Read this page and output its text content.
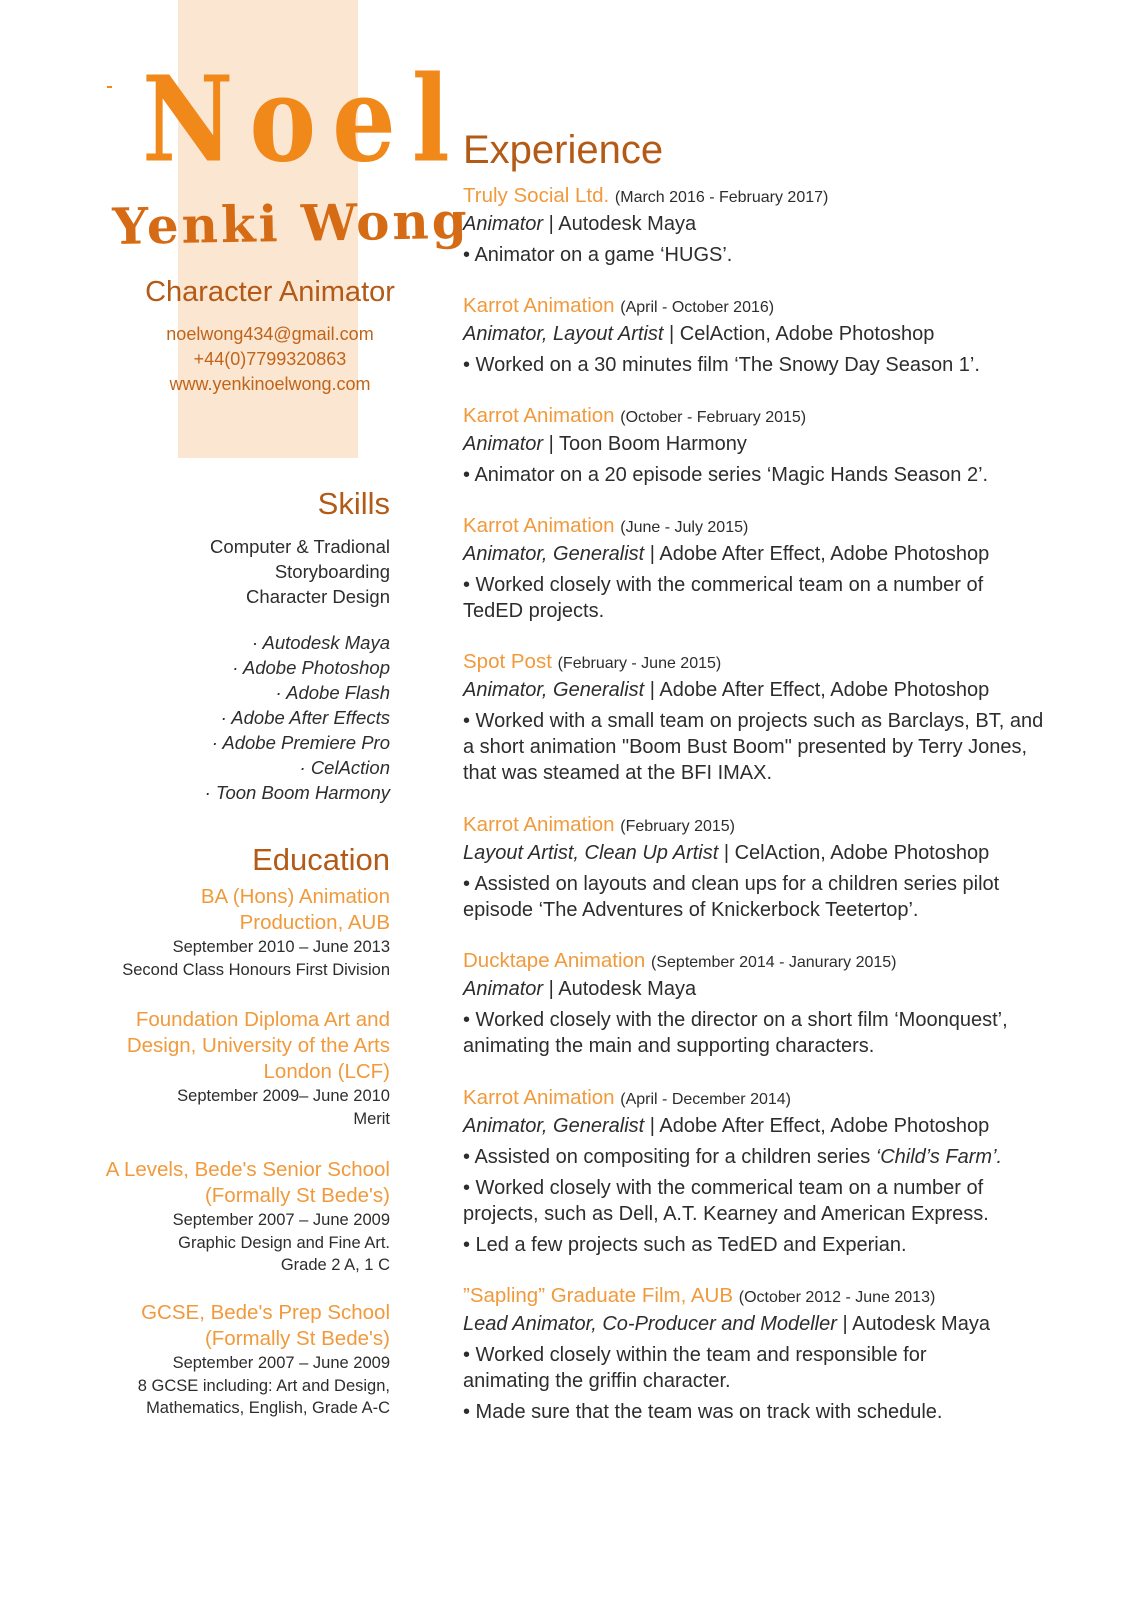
Noel
Yenki Wong
Character Animator
noelwong434@gmail.com
+44(0)7799320863
www.yenkinoelwong.com
Skills
Computer & Tradional
Storyboarding
Character Design
· Autodesk Maya
· Adobe Photoshop
· Adobe Flash
· Adobe After Effects
· Adobe Premiere Pro
· CelAction
· Toon Boom Harmony
Education
BA (Hons) Animation
Production, AUB
September 2010 – June 2013
Second Class Honours First Division
Foundation Diploma Art and
Design, University of the Arts
London (LCF)
September 2009– June 2010
Merit
A Levels, Bede's Senior School
(Formally St Bede's)
September 2007 – June 2009
Graphic Design and Fine Art.
Grade 2 A, 1 C
GCSE, Bede's Prep School
(Formally St Bede's)
September 2007 – June 2009
8 GCSE including: Art and Design,
Mathematics, English, Grade A-C
Experience
Truly Social Ltd. (March 2016 - February 2017)
Animator | Autodesk Maya
• Animator on a game ‘HUGS’.
Karrot Animation (April - October 2016)
Animator, Layout Artist | CelAction, Adobe Photoshop
• Worked on a 30 minutes film ‘The Snowy Day Season 1’.
Karrot Animation (October - February 2015)
Animator | Toon Boom Harmony
• Animator on a 20 episode series ‘Magic Hands Season 2’.
Karrot Animation (June - July 2015)
Animator, Generalist | Adobe After Effect, Adobe Photoshop
• Worked closely with the commerical team on a number of
TedED projects.
Spot Post (February - June 2015)
Animator, Generalist | Adobe After Effect, Adobe Photoshop
• Worked with a small team on projects such as Barclays, BT, and
a short animation "Boom Bust Boom" presented by Terry Jones,
that was steamed at the BFI IMAX.
Karrot Animation (February 2015)
Layout Artist, Clean Up Artist | CelAction, Adobe Photoshop
• Assisted on layouts and clean ups for a children series pilot
episode ‘The Adventures of Knickerbock Teetertop’.
Ducktape Animation (September 2014 - Janurary 2015)
Animator | Autodesk Maya
• Worked closely with the director on a short film ‘Moonquest’,
animating the main and supporting characters.
Karrot Animation (April - December 2014)
Animator, Generalist | Adobe After Effect, Adobe Photoshop
• Assisted on compositing for a children series ‘Child’s Farm’.
• Worked closely with the commerical team on a number of
projects, such as Dell, A.T. Kearney and American Express.
• Led a few projects such as TedED and Experian.
”Sapling” Graduate Film, AUB (October 2012 - June 2013)
Lead Animator, Co-Producer and Modeller | Autodesk Maya
• Worked closely within the team and responsible for
animating the griffin character.
• Made sure that the team was on track with schedule.
